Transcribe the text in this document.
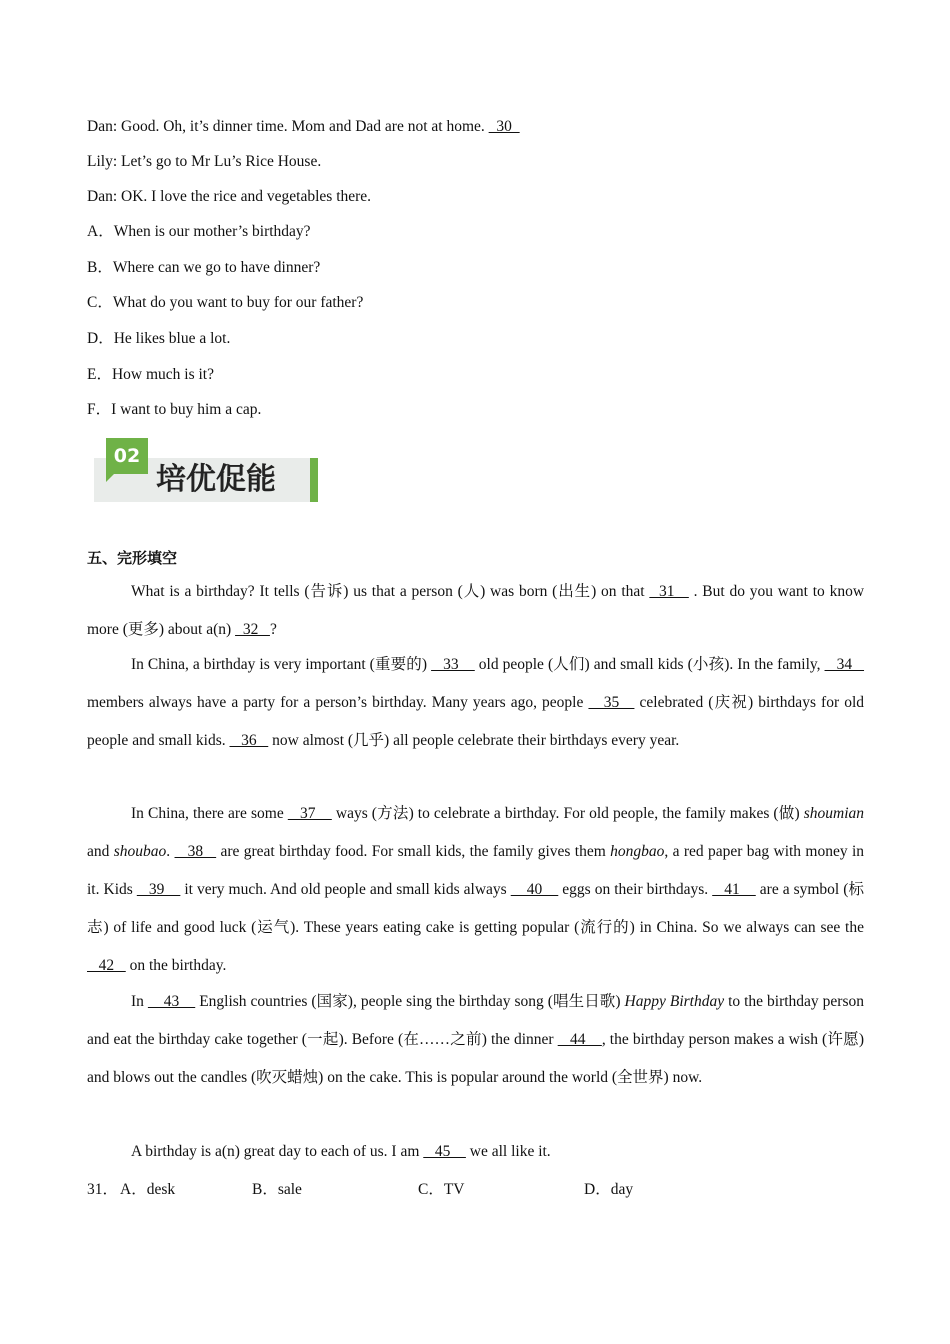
Dan: Good. Oh, it’s dinner time. Mom and Dad are not at home.   30
Lily: Let’s go to Mr Lu’s Rice House.
Dan: OK. I love the rice and vegetables there.
A．When is our mother’s birthday?
B．Where can we go to have dinner?
C．What do you want to buy for our father?
D．He likes blue a lot.
E．How much is it?
F．I want to buy him a cap.
02
培优促能
五、完形填空

What is a birthday? It tells (告诉) us that a person (人) was born (出生) on that   31    . But do you want to know more (更多) about a(n)   32   ?

In China, a birthday is very important (重要的)    33     old people (人们) and small kids (小孩). In the family,    34    members always have a party for a person’s birthday. Many years ago, people    35    celebrated (庆祝) birthdays for old people and small kids.    36    now almost (几乎) all people celebrate their birthdays every year.

In China, there are some    37     ways (方法) to celebrate a birthday. For old people, the family makes (做) shoumian and shoubao.    38    are great birthday food. For small kids, the family gives them hongbao, a red paper bag with money in it. Kids    39     it very much. And old people and small kids always     40     eggs on their birthdays.    41     are a symbol (标志) of life and good luck (运气). These years eating cake is getting popular (流行的) in China. So we always can see the    42    on the birthday.

In     43     English countries (国家), people sing the birthday song (唱生日歌) Happy Birthday to the birthday person and eat the birthday cake together (一起). Before (在……之前) the dinner    44    , the birthday person makes a wish (许愿) and blows out the candles (吹灭蜡烛) on the cake. This is popular around the world (全世界) now.

A birthday is a(n) great day to each of us. I am    45     we all like it.

31． A．desk	B．sale	C．TV	D．day
